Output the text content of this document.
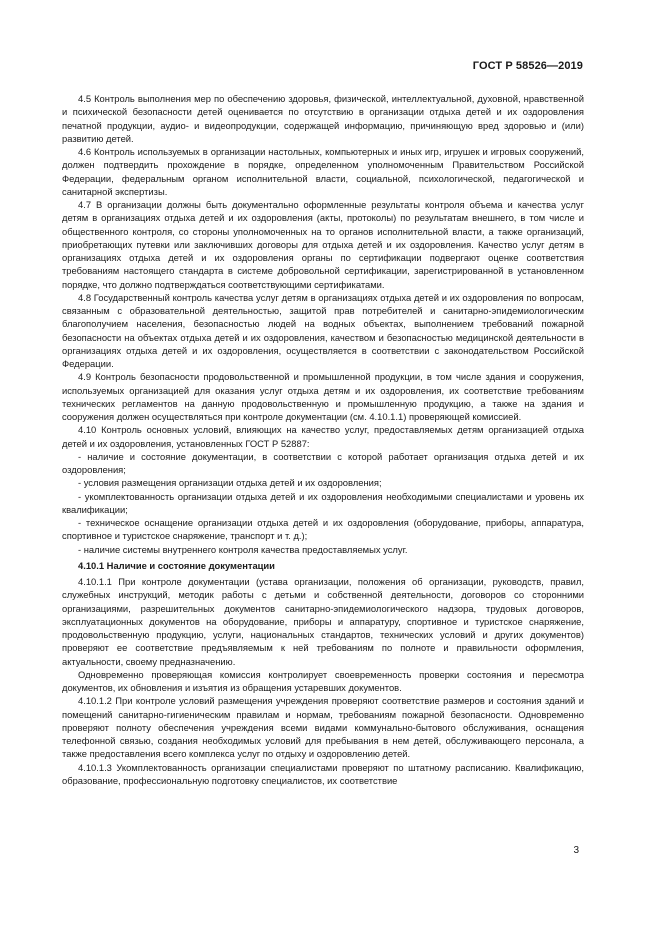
ГОСТ Р 58526—2019

4.5 Контроль выполнения мер по обеспечению здоровья, физической, интеллектуальной, духовной, нравственной и психической безопасности детей оценивается по отсутствию в организации отдыха детей и их оздоровления печатной продукции, аудио- и видеопродукции, содержащей информацию, причиняющую вред здоровью и (или) развитию детей.

4.6 Контроль используемых в организации настольных, компьютерных и иных игр, игрушек и игровых сооружений, должен подтвердить прохождение в порядке, определенном уполномоченным Правительством Российской Федерации, федеральным органом исполнительной власти, социальной, психологической, педагогической и санитарной экспертизы.

4.7 В организации должны быть документально оформленные результаты контроля объема и качества услуг детям в организациях отдыха детей и их оздоровления (акты, протоколы) по результатам внешнего, в том числе и общественного контроля, со стороны уполномоченных на то органов исполнительной власти, а также организаций, приобретающих путевки или заключивших договоры для отдыха детей и их оздоровления. Качество услуг детям в организациях отдыха детей и их оздоровления органы по сертификации подвергают оценке соответствия требованиям настоящего стандарта в системе добровольной сертификации, зарегистрированной в установленном порядке, что должно подтверждаться соответствующими сертификатами.

4.8 Государственный контроль качества услуг детям в организациях отдыха детей и их оздоровления по вопросам, связанным с образовательной деятельностью, защитой прав потребителей и санитарно-эпидемиологическим благополучием населения, безопасностью людей на водных объектах, выполнением требований пожарной безопасности на объектах отдыха детей и их оздоровления, качеством и безопасностью медицинской деятельности в организациях отдыха детей и их оздоровления, осуществляется в соответствии с законодательством Российской Федерации.

4.9 Контроль безопасности продовольственной и промышленной продукции, в том числе здания и сооружения, используемых организацией для оказания услуг отдыха детям и их оздоровления, их соответствие требованиям технических регламентов на данную продовольственную и промышленную продукцию, а также на здания и сооружения должен осуществляться при контроле документации (см. 4.10.1.1) проверяющей комиссией.

4.10 Контроль основных условий, влияющих на качество услуг, предоставляемых детям организацией отдыха детей и их оздоровления, установленных ГОСТ Р 52887:

- наличие и состояние документации, в соответствии с которой работает организация отдыха детей и их оздоровления;

- условия размещения организации отдыха детей и их оздоровления;

- укомплектованность организации отдыха детей и их оздоровления необходимыми специалистами и уровень их квалификации;

- техническое оснащение организации отдыха детей и их оздоровления (оборудование, приборы, аппаратура, спортивное и туристское снаряжение, транспорт и т. д.);

- наличие системы внутреннего контроля качества предоставляемых услуг.

4.10.1 Наличие и состояние документации

4.10.1.1 При контроле документации (устава организации, положения об организации, руководств, правил, служебных инструкций, методик работы с детьми и собственной деятельности, договоров со сторонними организациями, разрешительных документов санитарно-эпидемиологического надзора, трудовых договоров, эксплуатационных документов на оборудование, приборы и аппаратуру, спортивное и туристское снаряжение, продовольственную продукцию, услуги, национальных стандартов, технических условий и других документов) проверяют ее соответствие предъявляемым к ней требованиям по полноте и правильности оформления, актуальности, своему предназначению.

Одновременно проверяющая комиссия контролирует своевременность проверки состояния и пересмотра документов, их обновления и изъятия из обращения устаревших документов.

4.10.1.2 При контроле условий размещения учреждения проверяют соответствие размеров и состояния зданий и помещений санитарно-гигиеническим правилам и нормам, требованиям пожарной безопасности. Одновременно проверяют полноту обеспечения учреждения всеми видами коммунально-бытового обслуживания, оснащения телефонной связью, создания необходимых условий для пребывания в нем детей, обслуживающего персонала, а также предоставления всего комплекса услуг по отдыху и оздоровлению детей.

4.10.1.3 Укомплектованность организации специалистами проверяют по штатному расписанию. Квалификацию, образование, профессиональную подготовку специалистов, их соответствие

3
